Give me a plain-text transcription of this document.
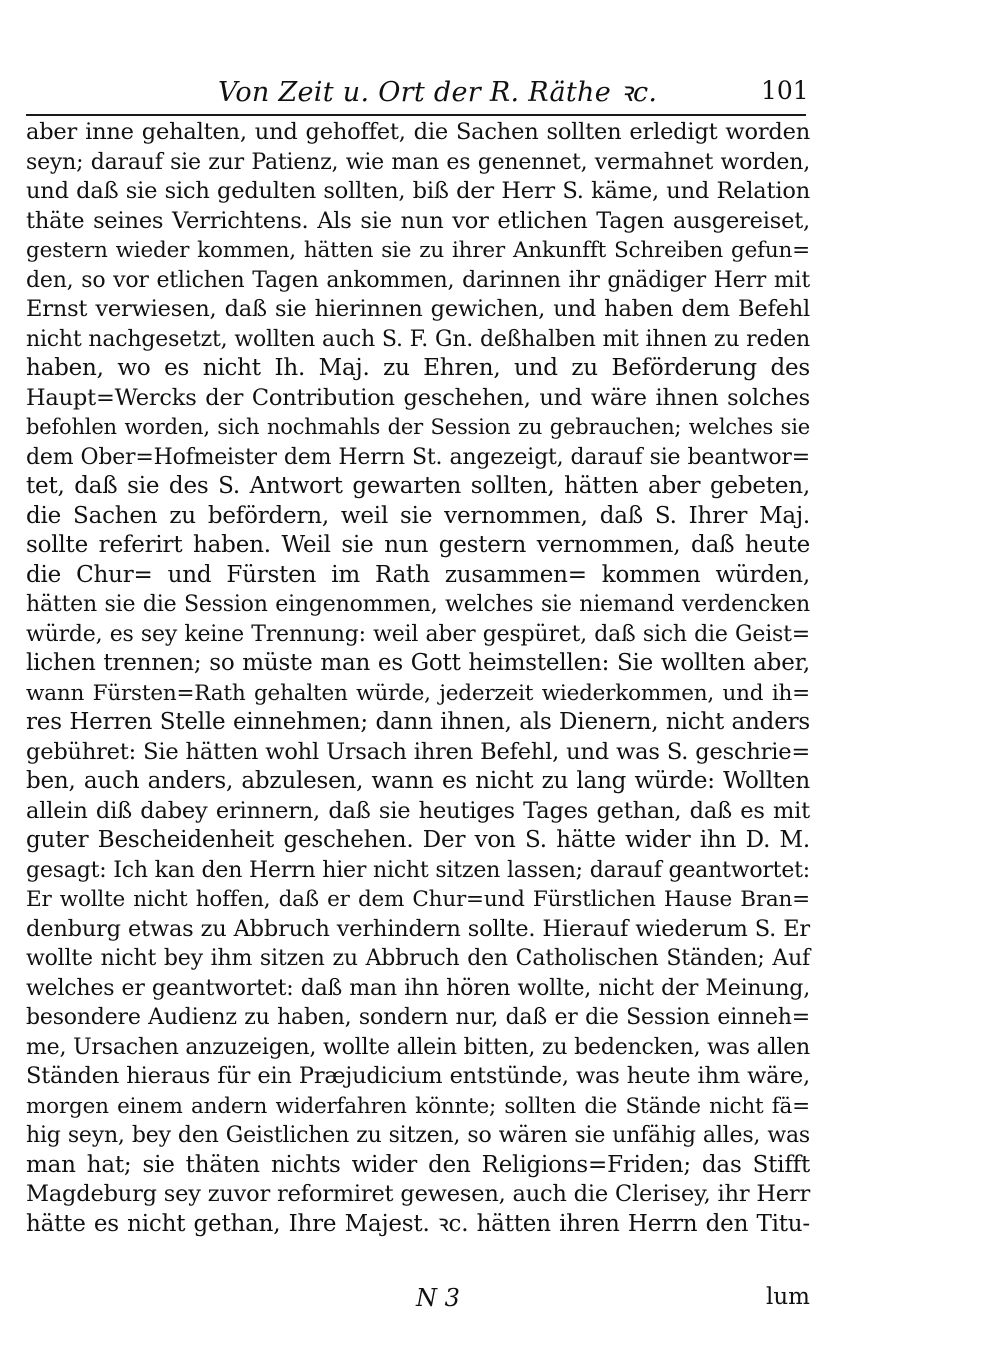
Von Zeit u. Ort der R. Räthe ꝛc.	101
aber inne gehalten, und gehoffet, die Sachen sollten erledigt worden
seyn; darauf sie zur Patienz, wie man es genennet, vermahnet worden,
und daß sie sich gedulten sollten, biß der Herr S. käme, und Relation
thäte seines Verrichtens. Als sie nun vor etlichen Tagen ausgereiset,
gestern wieder kommen, hätten sie zu ihrer Ankunfft Schreiben gefun=
den, so vor etlichen Tagen ankommen, darinnen ihr gnädiger Herr mit
Ernst verwiesen, daß sie hierinnen gewichen, und haben dem Befehl
nicht nachgesetzt, wollten auch S. F. Gn. deßhalben mit ihnen zu reden
haben, wo es nicht Ih. Maj. zu Ehren, und zu Beförderung des
Haupt=Wercks der Contribution geschehen, und wäre ihnen solches
befohlen worden, sich nochmahls der Session zu gebrauchen; welches sie
dem Ober=Hofmeister dem Herrn St. angezeigt, darauf sie beantwor=
tet, daß sie des S. Antwort gewarten sollten, hätten aber gebeten,
die Sachen zu befördern, weil sie vernommen, daß S. Ihrer Maj.
sollte referirt haben. Weil sie nun gestern vernommen, daß heute
die Chur= und Fürsten im Rath zusammen= kommen würden,
hätten sie die Session eingenommen, welches sie niemand verdencken
würde, es sey keine Trennung: weil aber gespüret, daß sich die Geist=
lichen trennen; so müste man es Gott heimstellen: Sie wollten aber,
wann Fürsten=Rath gehalten würde, jederzeit wiederkommen, und ih=
res Herren Stelle einnehmen; dann ihnen, als Dienern, nicht anders
gebühret: Sie hätten wohl Ursach ihren Befehl, und was S. geschrie=
ben, auch anders, abzulesen, wann es nicht zu lang würde: Wollten
allein diß dabey erinnern, daß sie heutiges Tages gethan, daß es mit
guter Bescheidenheit geschehen. Der von S. hätte wider ihn D. M.
gesagt: Ich kan den Herrn hier nicht sitzen lassen; darauf geantwortet:
Er wollte nicht hoffen, daß er dem Chur=und Fürstlichen Hause Bran=
denburg etwas zu Abbruch verhindern sollte. Hierauf wiederum S. Er
wollte nicht bey ihm sitzen zu Abbruch den Catholischen Ständen; Auf
welches er geantwortet: daß man ihn hören wollte, nicht der Meinung,
besondere Audienz zu haben, sondern nur, daß er die Session einneh=
me, Ursachen anzuzeigen, wollte allein bitten, zu bedencken, was allen
Ständen hieraus für ein Præjudicium entstünde, was heute ihm wäre,
morgen einem andern widerfahren könnte; sollten die Stände nicht fä=
hig seyn, bey den Geistlichen zu sitzen, so wären sie unfähig alles, was
man hat; sie thäten nichts wider den Religions=Friden; das Stifft
Magdeburg sey zuvor reformiret gewesen, auch die Clerisey, ihr Herr
hätte es nicht gethan, Ihre Majest. ꝛc. hätten ihren Herrn den Titu-
N 3	lum
